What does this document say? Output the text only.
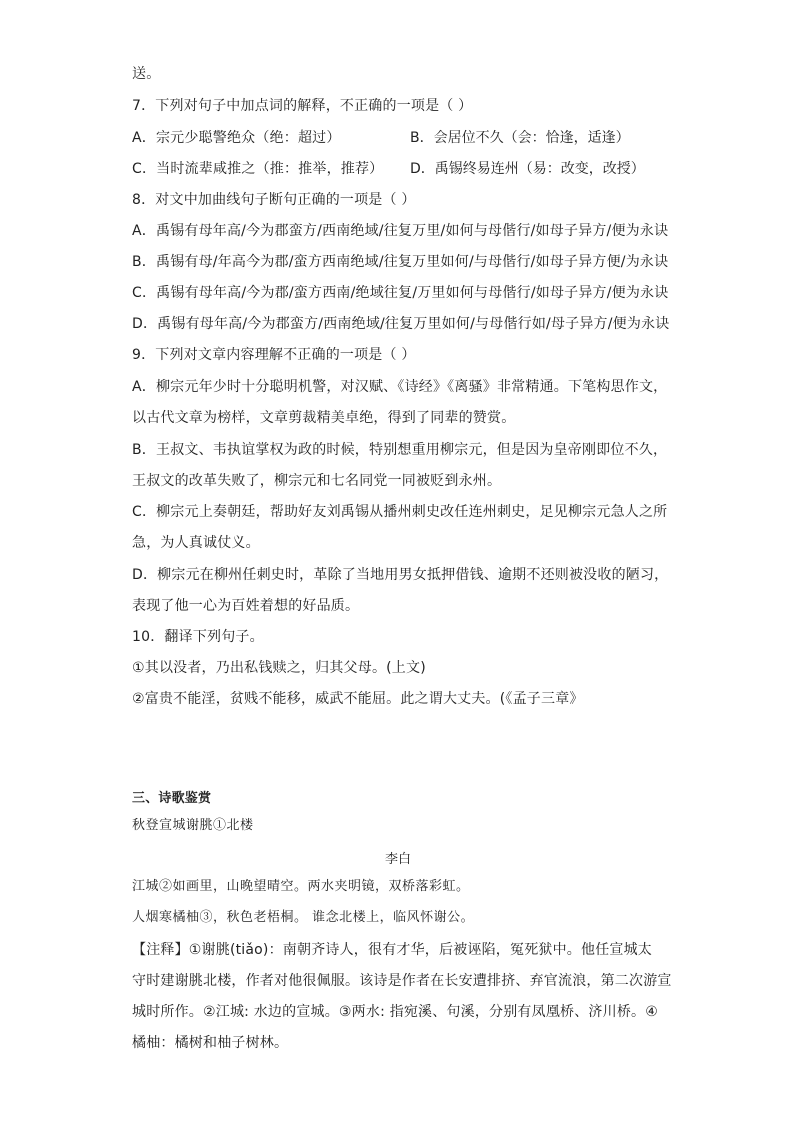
送。
7．下列对句子中加点词的解释，不正确的一项是（ ）
A．宗元少聪警绝众（绝：超过）	B．会居位不久（会：恰逢，适逢）
C．当时流辈咸推之（推：推举，推荐） D．禹锡终易连州（易：改变，改授）
8．对文中加曲线句子断句正确的一项是（ ）
A．禹锡有母年高/今为郡蛮方/西南绝域/往复万里/如何与母偕行/如母子异方/便为永诀
B．禹锡有母/年高今为郡/蛮方西南绝域/往复万里如何/与母偕行/如母子异方便/为永诀
C．禹锡有母年高/今为郡/蛮方西南/绝域往复/万里如何与母偕行/如母子异方/便为永诀
D．禹锡有母年高/今为郡蛮方/西南绝域/往复万里如何/与母偕行如/母子异方/便为永诀
9．下列对文章内容理解不正确的一项是（ ）
A．柳宗元年少时十分聪明机警，对汉赋、《诗经》《离骚》非常精通。下笔构思作文，
以古代文章为榜样，文章剪裁精美卓绝，得到了同辈的赞赏。
B．王叔文、韦执谊掌权为政的时候，特别想重用柳宗元，但是因为皇帝刚即位不久，
王叔文的改革失败了，柳宗元和七名同党一同被贬到永州。
C．柳宗元上奏朝廷，帮助好友刘禹锡从播州刺史改任连州刺史，足见柳宗元急人之所
急，为人真诚仗义。
D．柳宗元在柳州任刺史时，革除了当地用男女抵押借钱、逾期不还则被没收的陋习，
表现了他一心为百姓着想的好品质。
10．翻译下列句子。
①其以没者，乃出私钱赎之，归其父母。(上文)
②富贵不能淫，贫贱不能移，威武不能屈。此之谓大丈夫。(《孟子三章》
三、诗歌鉴赏
秋登宣城谢朓①北楼
李白
江城②如画里，山晚望晴空。两水夹明镜，双桥落彩虹。
人烟寒橘柚③，秋色老梧桐。 谁念北楼上，临风怀谢公。
【注释】①谢朓(tiǎo)：南朝齐诗人，很有才华，后被诬陷，冤死狱中。他任宣城太
守时建谢朓北楼，作者对他很佩服。该诗是作者在长安遭排挤、弃官流浪，第二次游宣
城时所作。②江城: 水边的宣城。③两水: 指宛溪、句溪，分别有凤凰桥、济川桥。④
橘柚：橘树和柚子树林。
